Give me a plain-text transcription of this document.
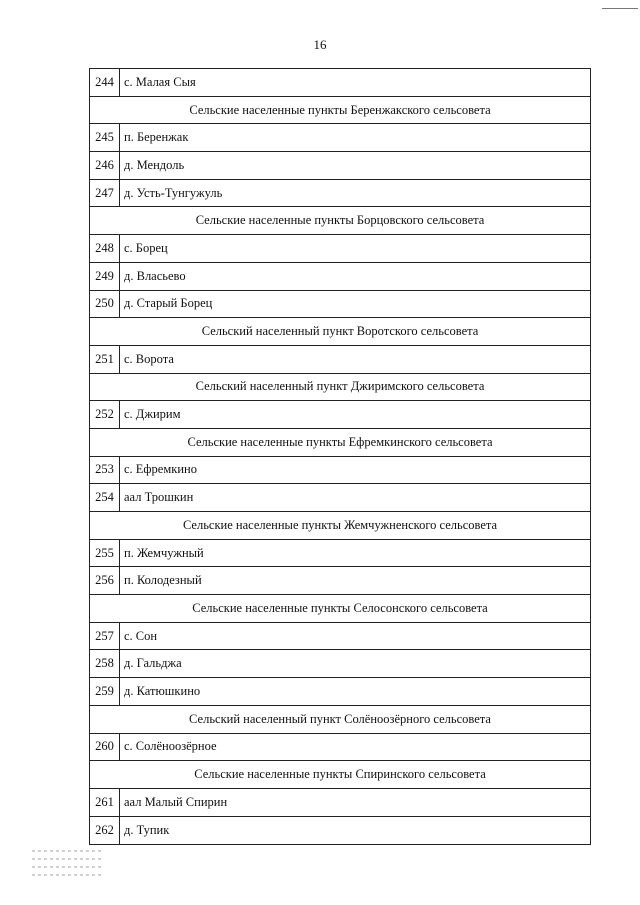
16
244 с. Малая Сыя
Сельские населенные пункты Беренжакского сельсовета
245 п. Беренжак
246 д. Мендоль
247 д. Усть-Тунгужуль
Сельские населенные пункты Борцовского сельсовета
248 с. Борец
249 д. Власьево
250 д. Старый Борец
Сельский населенный пункт Воротского сельсовета
251 с. Ворота
Сельский населенный пункт Джиримского сельсовета
252 с. Джирим
Сельские населенные пункты Ефремкинского сельсовета
253 с. Ефремкино
254 аал Трошкин
Сельские населенные пункты Жемчужненского сельсовета
255 п. Жемчужный
256 п. Колодезный
Сельские населенные пункты Селосонского сельсовета
257 с. Сон
258 д. Гальджа
259 д. Катюшкино
Сельский населенный пункт Солёноозёрного сельсовета
260 с. Солёноозёрное
Сельские населенные пункты Спиринского сельсовета
261 аал Малый Спирин
262 д. Тупик
